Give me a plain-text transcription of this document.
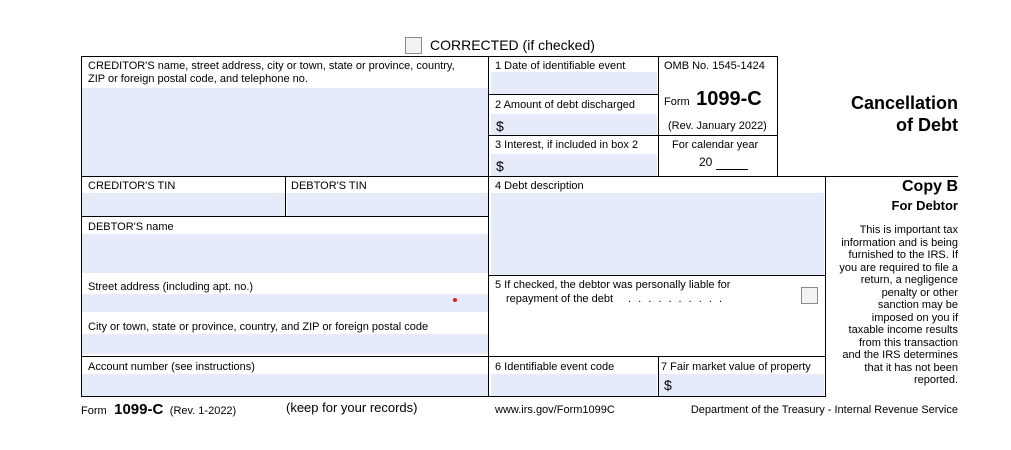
CORRECTED (if checked)
CREDITOR'S name, street address, city or town, state or province, country,
ZIP or foreign postal code, and telephone no.
1 Date of identifiable event
2 Amount of debt discharged
$
3 Interest, if included in box 2
$
OMB No. 1545-1424
Form 1099-C
(Rev. January 2022)
For calendar year
20
Cancellation
of Debt
CREDITOR'S TIN	DEBTOR'S TIN	4 Debt description	Copy B
For Debtor
This is important tax
information and is being
furnished to the IRS. If
you are required to file a
return, a negligence
penalty or other
sanction may be
imposed on you if
taxable income results
from this transaction
and the IRS determines
that it has not been
reported.
DEBTOR'S name
Street address (including apt. no.)
City or town, state or province, country, and ZIP or foreign postal code
5 If checked, the debtor was personally liable for
repayment of the debt . . . . . . . . . .
Account number (see instructions)	6 Identifiable event code	7 Fair market value of property
$
Form 1099-C (Rev. 1-2022)	(keep for your records)	www.irs.gov/Form1099C	Department of the Treasury - Internal Revenue Service
